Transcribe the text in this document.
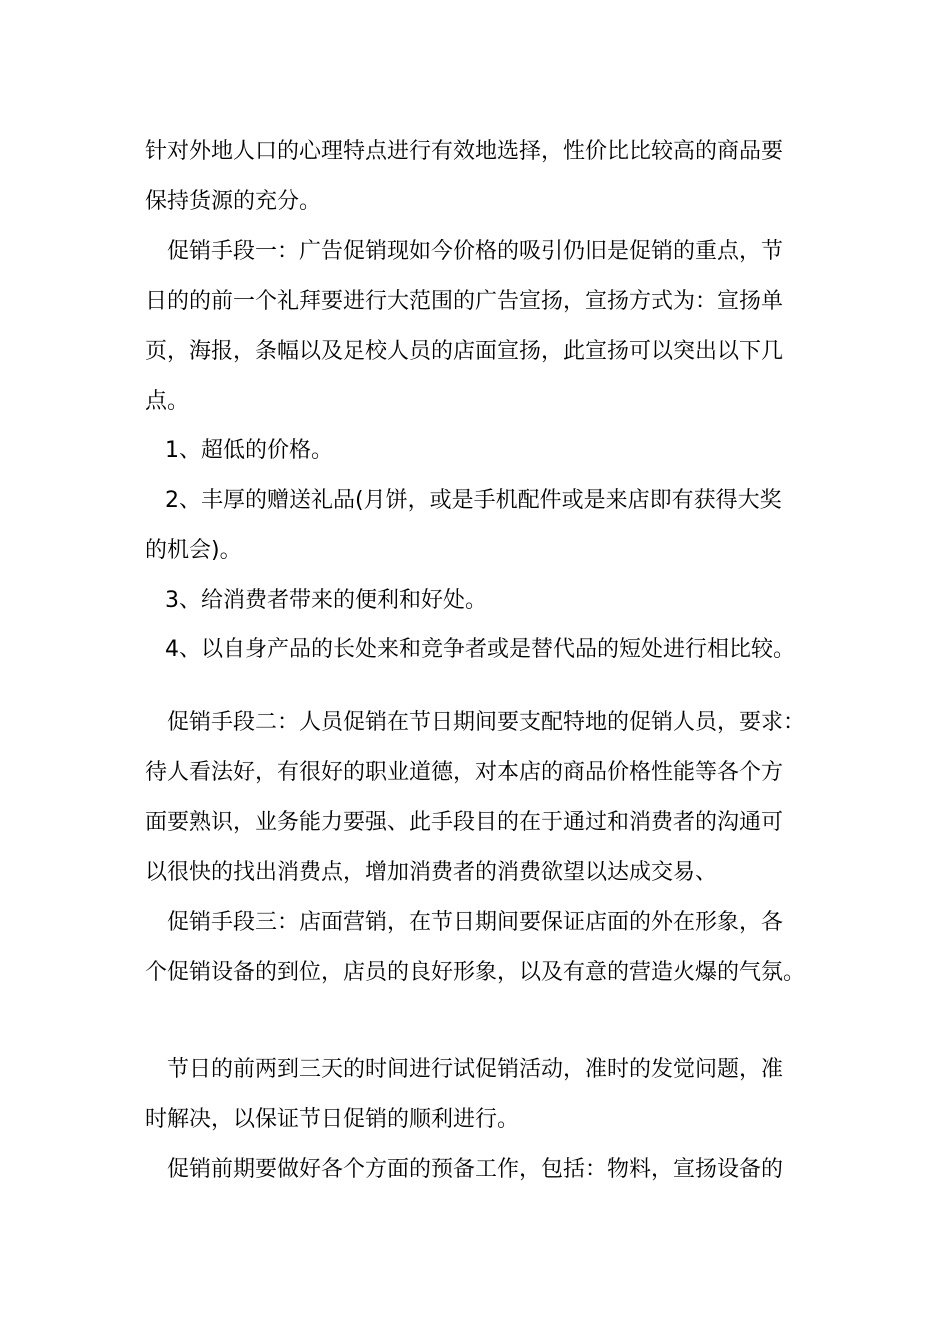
针对外地人口的心理特点进行有效地选择，性价比比较高的商品要
保持货源的充分。
促销手段一：广告促销现如今价格的吸引仍旧是促销的重点，节
日的的前一个礼拜要进行大范围的广告宣扬，宣扬方式为：宣扬单
页，海报，条幅以及足校人员的店面宣扬，此宣扬可以突出以下几
点。
1、超低的价格。
2、丰厚的赠送礼品(月饼，或是手机配件或是来店即有获得大奖
的机会)。
3、给消费者带来的便利和好处。
4、以自身产品的长处来和竞争者或是替代品的短处进行相比较。
促销手段二：人员促销在节日期间要支配特地的促销人员，要求：
待人看法好，有很好的职业道德，对本店的商品价格性能等各个方
面要熟识，业务能力要强、此手段目的在于通过和消费者的沟通可
以很快的找出消费点，增加消费者的消费欲望以达成交易、
促销手段三：店面营销，在节日期间要保证店面的外在形象，各
个促销设备的到位，店员的良好形象，以及有意的营造火爆的气氛。
节日的前两到三天的时间进行试促销活动，准时的发觉问题，准
时解决，以保证节日促销的顺利进行。
促销前期要做好各个方面的预备工作，包括：物料，宣扬设备的
